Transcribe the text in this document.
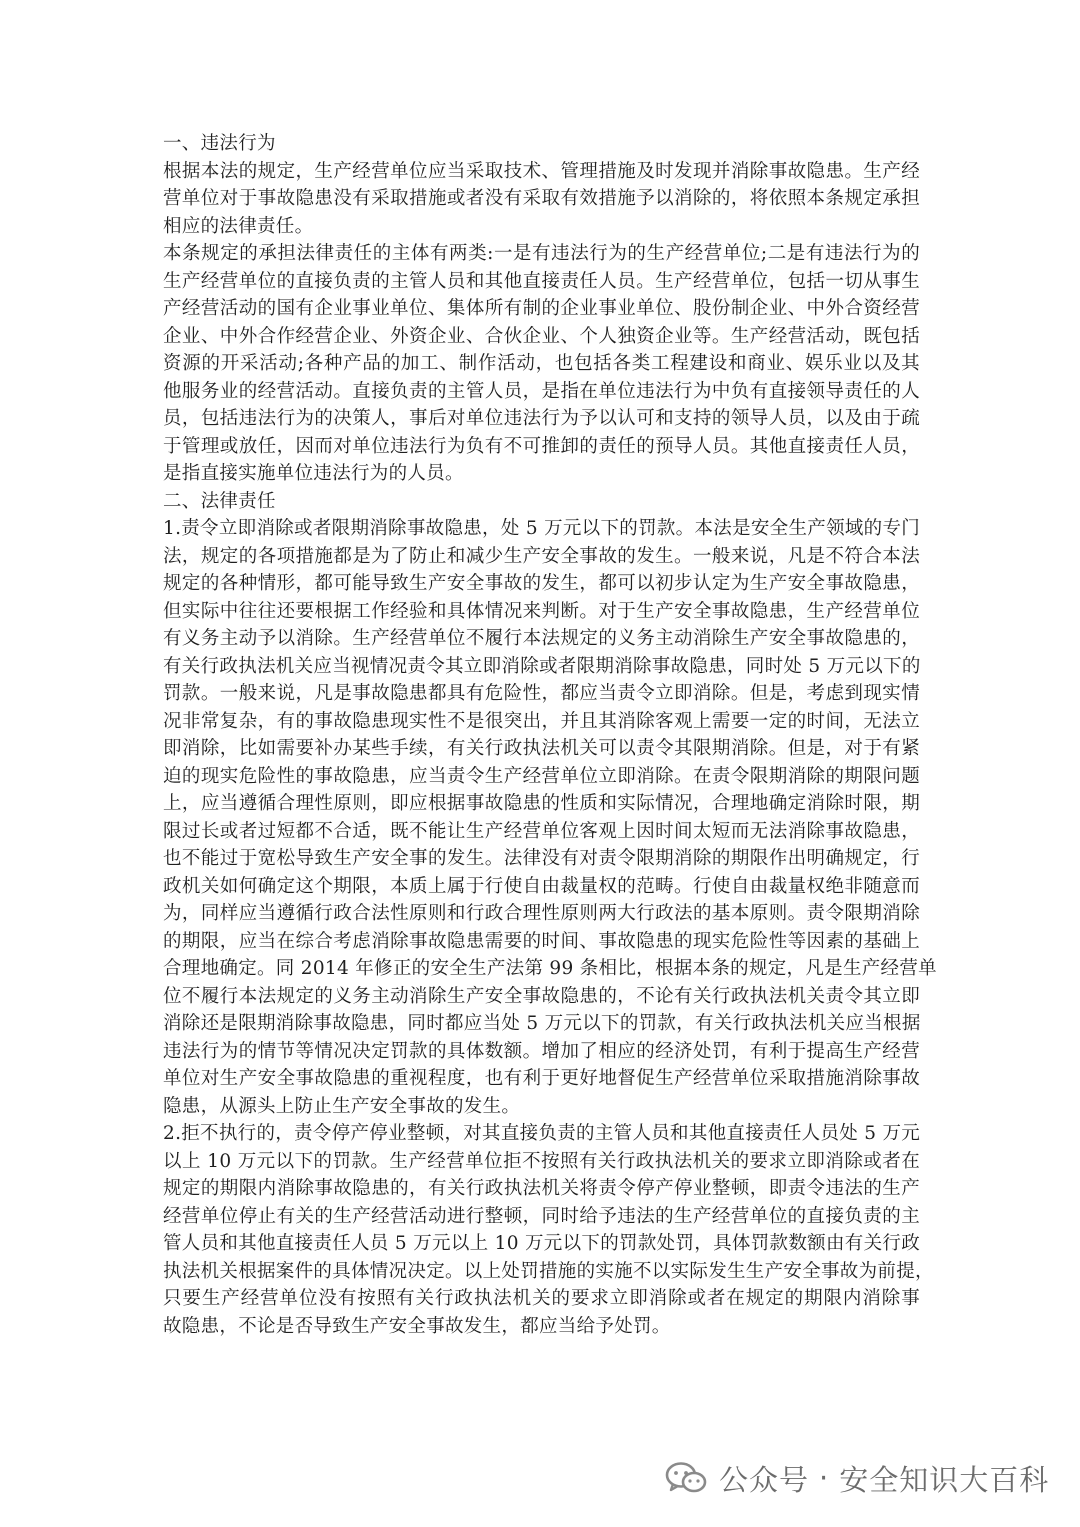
一、违法行为
根据本法的规定，生产经营单位应当采取技术、管理措施及时发现并消除事故隐患。生产经
营单位对于事故隐患没有采取措施或者没有采取有效措施予以消除的，将依照本条规定承担
相应的法律责任。
本条规定的承担法律责任的主体有两类:一是有违法行为的生产经营单位;二是有违法行为的
生产经营单位的直接负责的主管人员和其他直接责任人员。生产经营单位，包括一切从事生
产经营活动的国有企业事业单位、集体所有制的企业事业单位、股份制企业、中外合资经营
企业、中外合作经营企业、外资企业、合伙企业、个人独资企业等。生产经营活动，既包括
资源的开采活动;各种产品的加工、制作活动，也包括各类工程建设和商业、娱乐业以及其
他服务业的经营活动。直接负责的主管人员，是指在单位违法行为中负有直接领导责任的人
员，包括违法行为的决策人，事后对单位违法行为予以认可和支持的领导人员，以及由于疏
于管理或放任，因而对单位违法行为负有不可推卸的责任的预导人员。其他直接责任人员，
是指直接实施单位违法行为的人员。
二、法律责任
1.责令立即消除或者限期消除事故隐患，处 5 万元以下的罚款。本法是安全生产领域的专门
法，规定的各项措施都是为了防止和减少生产安全事故的发生。一般来说，凡是不符合本法
规定的各种情形，都可能导致生产安全事故的发生，都可以初步认定为生产安全事故隐患，
但实际中往往还要根据工作经验和具体情况来判断。对于生产安全事故隐患，生产经营单位
有义务主动予以消除。生产经营单位不履行本法规定的义务主动消除生产安全事故隐患的，
有关行政执法机关应当视情况责令其立即消除或者限期消除事故隐患，同时处 5 万元以下的
罚款。一般来说，凡是事故隐患都具有危险性，都应当责令立即消除。但是，考虑到现实情
况非常复杂，有的事故隐患现实性不是很突出，并且其消除客观上需要一定的时间，无法立
即消除，比如需要补办某些手续，有关行政执法机关可以责令其限期消除。但是，对于有紧
迫的现实危险性的事故隐患，应当责令生产经营单位立即消除。在责令限期消除的期限问题
上，应当遵循合理性原则，即应根据事故隐患的性质和实际情况，合理地确定消除时限，期
限过长或者过短都不合适，既不能让生产经营单位客观上因时间太短而无法消除事故隐患，
也不能过于宽松导致生产安全事的发生。法律没有对责令限期消除的期限作出明确规定，行
政机关如何确定这个期限，本质上属于行使自由裁量权的范畴。行使自由裁量权绝非随意而
为，同样应当遵循行政合法性原则和行政合理性原则两大行政法的基本原则。责令限期消除
的期限，应当在综合考虑消除事故隐患需要的时间、事故隐患的现实危险性等因素的基础上
合理地确定。同 2014 年修正的安全生产法第 99 条相比，根据本条的规定，凡是生产经营单
位不履行本法规定的义务主动消除生产安全事故隐患的，不论有关行政执法机关责令其立即
消除还是限期消除事故隐患，同时都应当处 5 万元以下的罚款，有关行政执法机关应当根据
违法行为的情节等情况决定罚款的具体数额。增加了相应的经济处罚，有利于提高生产经营
单位对生产安全事故隐患的重视程度，也有利于更好地督促生产经营单位采取措施消除事故
隐患，从源头上防止生产安全事故的发生。
2.拒不执行的，责令停产停业整顿，对其直接负责的主管人员和其他直接责任人员处 5 万元
以上 10 万元以下的罚款。生产经营单位拒不按照有关行政执法机关的要求立即消除或者在
规定的期限内消除事故隐患的，有关行政执法机关将责令停产停业整顿，即责令违法的生产
经营单位停止有关的生产经营活动进行整顿，同时给予违法的生产经营单位的直接负责的主
管人员和其他直接责任人员 5 万元以上 10 万元以下的罚款处罚，具体罚款数额由有关行政
执法机关根据案件的具体情况决定。以上处罚措施的实施不以实际发生生产安全事故为前提，
只要生产经营单位没有按照有关行政执法机关的要求立即消除或者在规定的期限内消除事
故隐患，不论是否导致生产安全事故发生，都应当给予处罚。
公众号 · 安全知识大百科
